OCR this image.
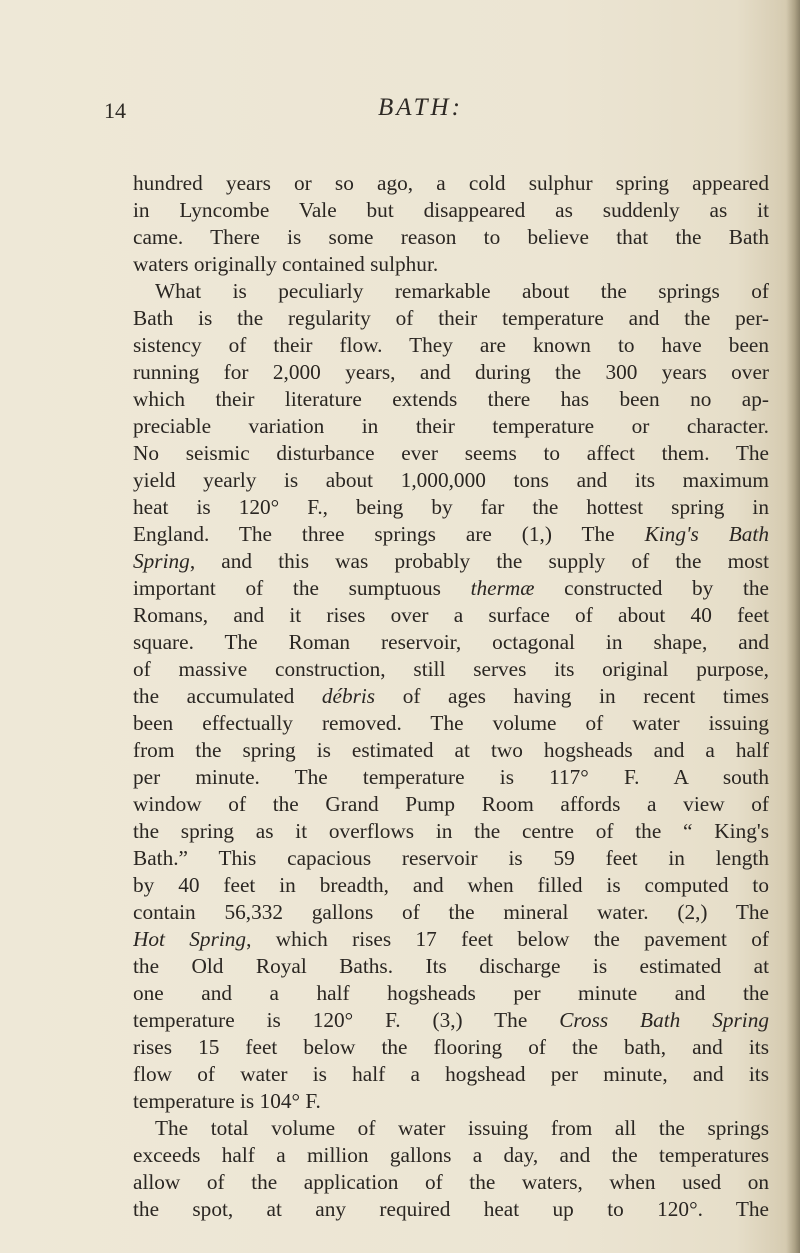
14	BATH:
hundred years or so ago, a cold sulphur spring appeared
in Lyncombe Vale but disappeared as suddenly as it
came. There is some reason to believe that the Bath
waters originally contained sulphur.
What is peculiarly remarkable about the springs of
Bath is the regularity of their temperature and the per-
sistency of their flow. They are known to have been
running for 2,000 years, and during the 300 years over
which their literature extends there has been no ap-
preciable variation in their temperature or character.
No seismic disturbance ever seems to affect them. The
yield yearly is about 1,000,000 tons and its maximum
heat is 120° F., being by far the hottest spring in
England. The three springs are (1,) The King's Bath
Spring, and this was probably the supply of the most
important of the sumptuous thermæ constructed by the
Romans, and it rises over a surface of about 40 feet
square. The Roman reservoir, octagonal in shape, and
of massive construction, still serves its original purpose,
the accumulated débris of ages having in recent times
been effectually removed. The volume of water issuing
from the spring is estimated at two hogsheads and a half
per minute. The temperature is 117° F. A south
window of the Grand Pump Room affords a view of
the spring as it overflows in the centre of the “ King's
Bath.” This capacious reservoir is 59 feet in length
by 40 feet in breadth, and when filled is computed to
contain 56,332 gallons of the mineral water. (2,) The
Hot Spring, which rises 17 feet below the pavement of
the Old Royal Baths. Its discharge is estimated at
one and a half hogsheads per minute and the
temperature is 120° F. (3,) The Cross Bath Spring
rises 15 feet below the flooring of the bath, and its
flow of water is half a hogshead per minute, and its
temperature is 104° F.
The total volume of water issuing from all the springs
exceeds half a million gallons a day, and the temperatures
allow of the application of the waters, when used on
the spot, at any required heat up to 120°. The
